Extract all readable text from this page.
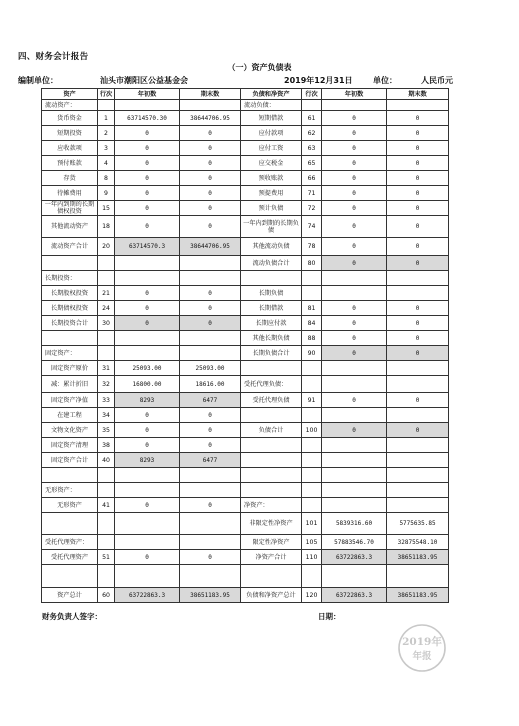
四、财务会计报告
（一）资产负债表
编制单位：	汕头市潮阳区公益基金会	2019年12月31日	单位：	人民币元
资产	行次	年初数	期末数	负债和净资产	行次	年初数	期末数
流动资产：				流动负债：			
货币资金	1	63714570.30	38644706.95	短期借款	61	0	0
短期投资	2	0	0	应付款项	62	0	0
应收款项	3	0	0	应付工资	63	0	0
预付账款	4	0	0	应交税金	65	0	0
存货	8	0	0	预收账款	66	0	0
待摊费用	9	0	0	预提费用	71	0	0
一年内到期的长期债权投资	15	0	0	预计负债	72	0	0
其他流动资产	18	0	0	一年内到期的长期负债	74	0	0
流动资产合计	20	63714570.3	38644706.95	其他流动负债	78	0	0
				流动负债合计	80	0	0
长期投资：							
长期股权投资	21	0	0	长期负债			
长期债权投资	24	0	0	长期借款	81	0	0
长期投资合计	30	0	0	长期应付款	84	0	0
				其他长期负债	88	0	0
固定资产：				长期负债合计	90	0	0
固定资产原价	31	25093.00	25093.00				
减：累计折旧	32	16800.00	18616.00	受托代理负债：			
固定资产净值	33	8293	6477	受托代理负债	91	0	0
在建工程	34	0	0				
文物文化资产	35	0	0	负债合计	100	0	0
固定资产清理	38	0	0				
固定资产合计	40	8293	6477				

无形资产：							
无形资产	41	0	0	净资产：			
				非限定性净资产	101	5839316.60	5775635.85
受托代理资产：				限定性净资产	105	57883546.70	32875548.10
受托代理资产	51	0	0	净资产合计	110	63722863.3	38651183.95

资产总计	60	63722863.3	38651183.95	负债和净资产总计	120	63722863.3	38651183.95
财务负责人签字：	日期：
2019年
年报
